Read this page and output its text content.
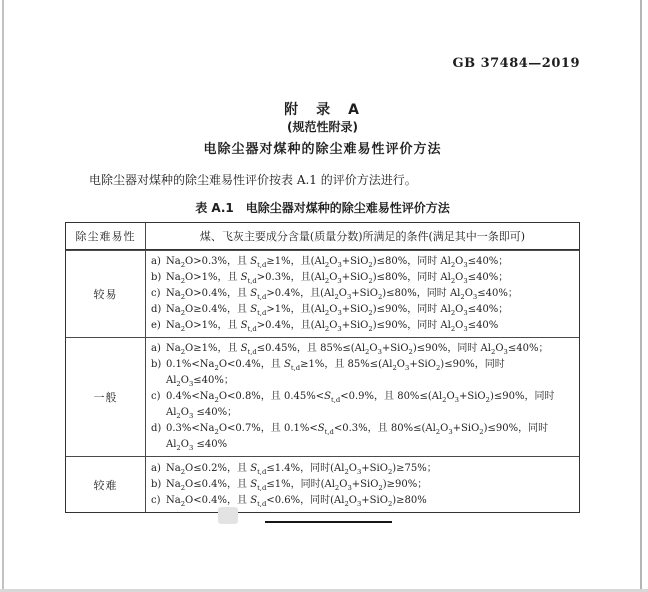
GB 37484—2019
附　录　A
(规范性附录)
电除尘器对煤种的除尘难易性评价方法
电除尘器对煤种的除尘难易性评价按表 A.1 的评价方法进行。
表 A.1　电除尘器对煤种的除尘难易性评价方法
除尘难易性	煤、飞灰主要成分含量(质量分数)所满足的条件(满足其中一条即可)
较易
a) $Na_2O>0.3\%$，且 $S_{t,d}\ge 1\%$，且$(Al_2O_3+SiO_2)\le 80\%$，同时 $Al_2O_3\le 40\%$；
b) $Na_2O>1\%$，且 $S_{t,d}>0.3\%$，且$(Al_2O_3+SiO_2)\le 80\%$，同时 $Al_2O_3\le 40\%$；
c) $Na_2O>0.4\%$，且 $S_{t,d}>0.4\%$，且$(Al_2O_3+SiO_2)\le 80\%$，同时 $Al_2O_3\le 40\%$；
d) $Na_2O\ge 0.4\%$，且 $S_{t,d}>1\%$，且$(Al_2O_3+SiO_2)\le 90\%$，同时 $Al_2O_3\le 40\%$；
e) $Na_2O>1\%$，且 $S_{t,d}>0.4\%$，且$(Al_2O_3+SiO_2)\le 90\%$，同时 $Al_2O_3\le 40\%$
一般
a) $Na_2O\ge 1\%$，且 $S_{t,d}\le 0.45\%$，且 $85\%\le(Al_2O_3+SiO_2)\le 90\%$，同时 $Al_2O_3\le 40\%$；
b) $0.1\%<Na_2O<0.4\%$，且 $S_{t,d}\ge 1\%$，且 $85\%\le(Al_2O_3+SiO_2)\le 90\%$，同时 $Al_2O_3\le 40\%$；
c) $0.4\%<Na_2O<0.8\%$，且 $0.45\%<S_{t,d}<0.9\%$，且 $80\%\le(Al_2O_3+SiO_2)\le 90\%$，同时 $Al_2O_3 \le 40\%$；
d) $0.3\%<Na_2O<0.7\%$，且 $0.1\%<S_{t,d}<0.3\%$，且 $80\%\le(Al_2O_3+SiO_2)\le 90\%$，同时 $Al_2O_3 \le 40\%$
较难
a) $Na_2O\le 0.2\%$，且 $S_{t,d}\le 1.4\%$，同时$(Al_2O_3+SiO_2)\ge 75\%$；
b) $Na_2O\le 0.4\%$，且 $S_{t,d}\le 1\%$，同时$(Al_2O_3+SiO_2)\ge 90\%$；
c) $Na_2O<0.4\%$，且 $S_{t,d}<0.6\%$，同时$(Al_2O_3+SiO_2)\ge 80\%$
